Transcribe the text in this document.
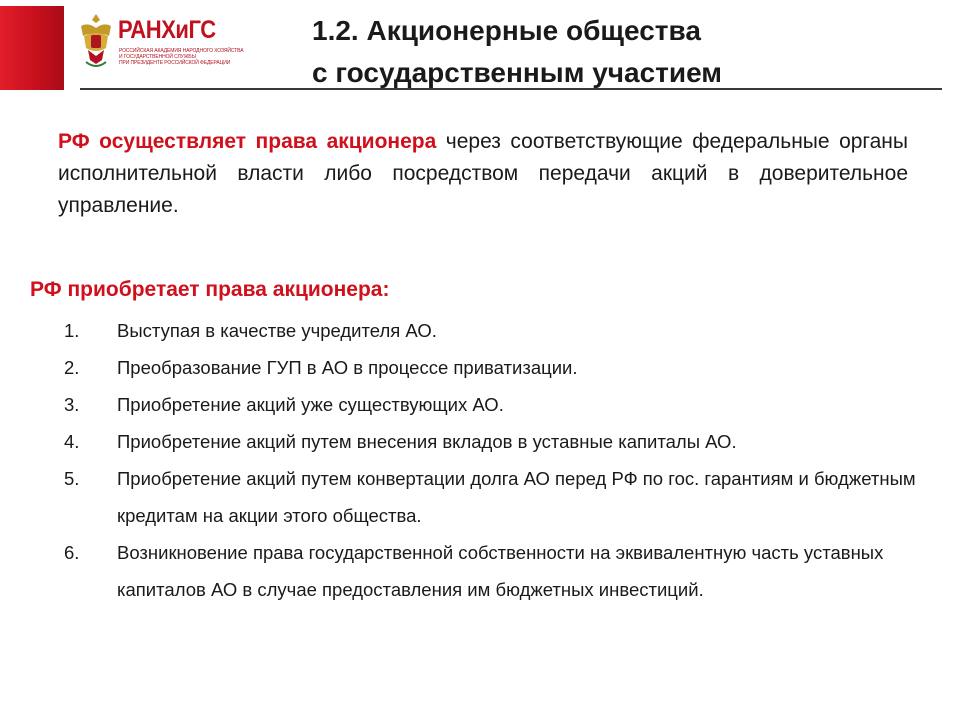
РАНХиГС
РОССИЙСКАЯ АКАДЕМИЯ НАРОДНОГО ХОЗЯЙСТВА
И ГОСУДАРСТВЕННОЙ СЛУЖБЫ
ПРИ ПРЕЗИДЕНТЕ РОССИЙСКОЙ ФЕДЕРАЦИИ
1.2. Акционерные общества
с государственным участием
РФ осуществляет права акционера через соответствующие федеральные органы исполнительной власти либо посредством передачи акций в доверительное управление.
РФ приобретает права акционера:
1.	Выступая в качестве учредителя АО.
2.	Преобразование ГУП в АО в процессе приватизации.
3.	Приобретение акций уже существующих АО.
4.	Приобретение акций путем внесения вкладов в уставные капиталы АО.
5.	Приобретение акций путем конвертации долга АО перед РФ по гос. гарантиям и бюджетным кредитам на акции этого общества.
6.	Возникновение права государственной собственности на эквивалентную часть уставных капиталов АО в случае предоставления им бюджетных инвестиций.
